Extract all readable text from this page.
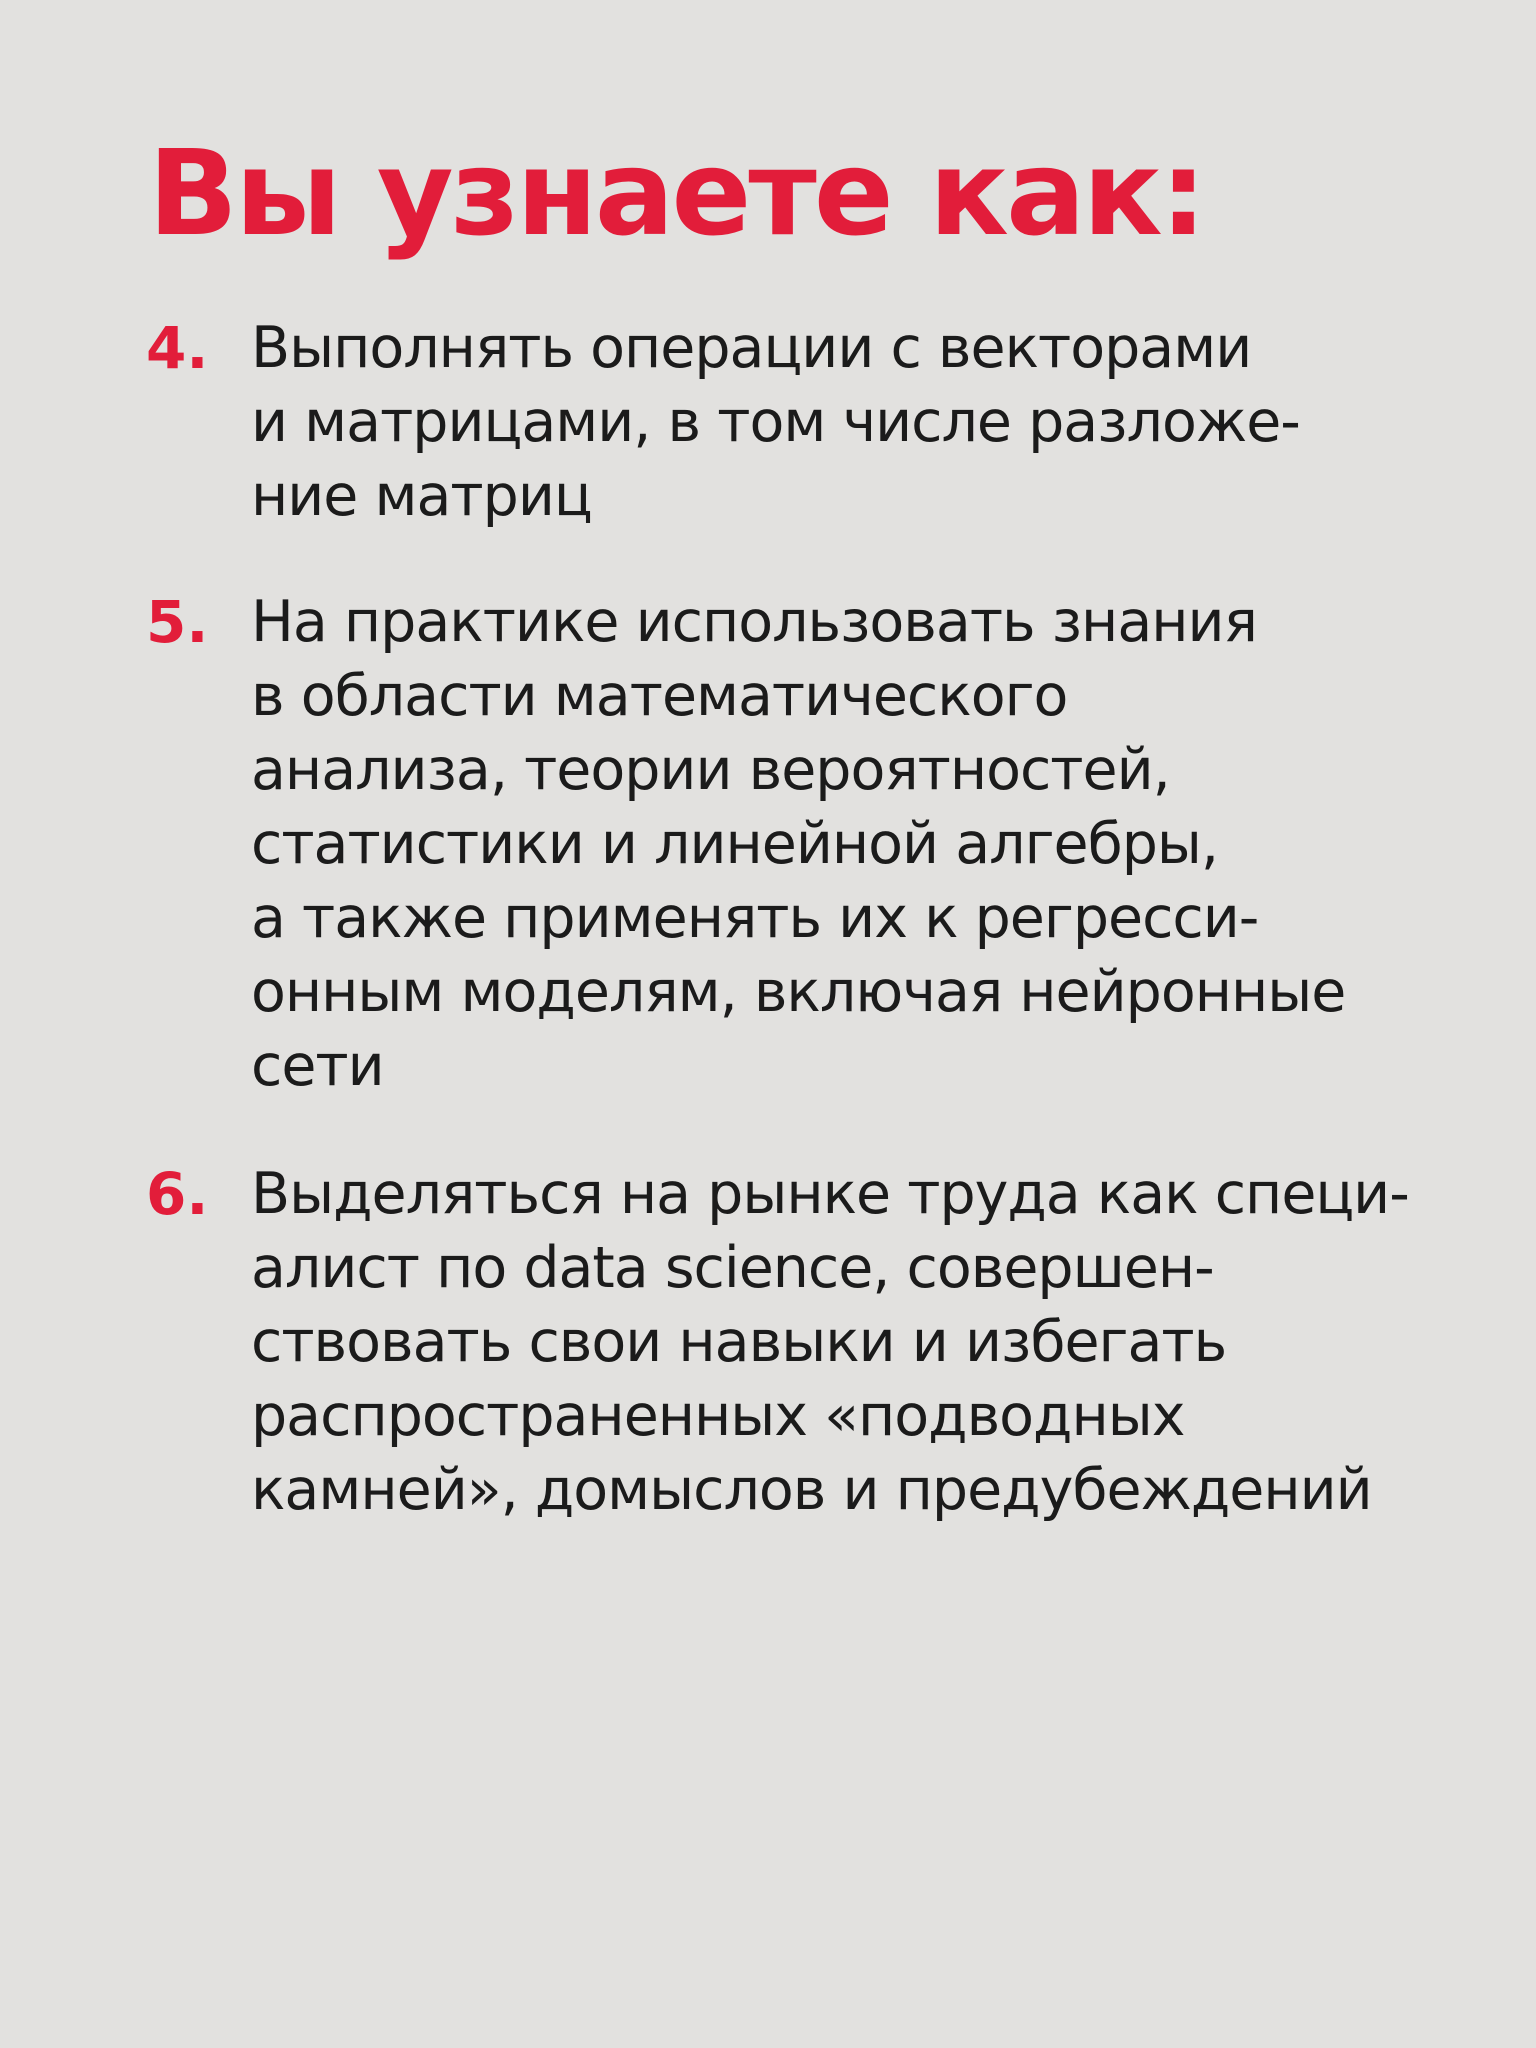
Вы узнаете как:
4. Выполнять операции с векторами
и матрицами, в том числе разложе-
ние матриц

5. На практике использовать знания
в области математического
анализа, теории вероятностей,
статистики и линейной алгебры,
а также применять их к регресси-
онным моделям, включая нейронные
сети

6. Выделяться на рынке труда как специ-
алист по data science, совершен-
ствовать свои навыки и избегать
распространенных «подводных
камней», домыслов и предубеждений
